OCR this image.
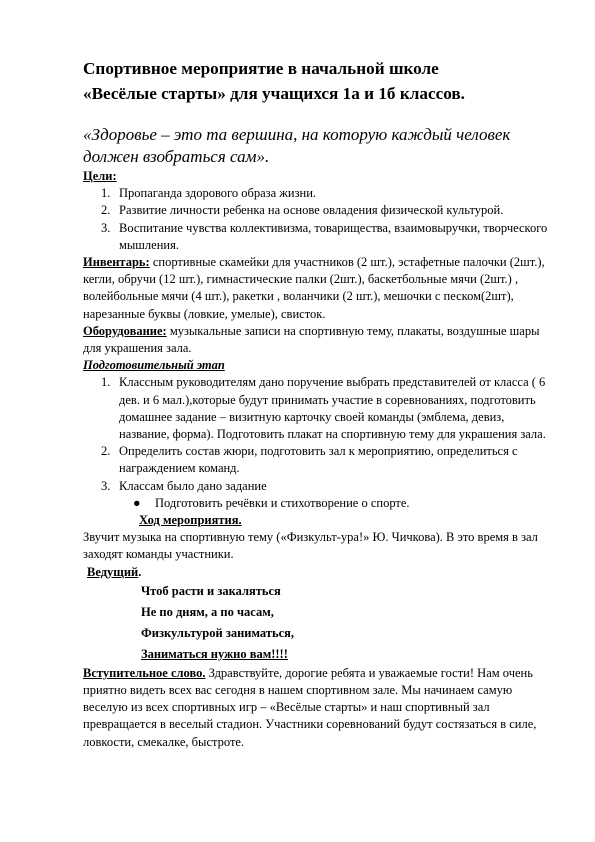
Спортивное мероприятие в начальной школе
«Весёлые старты» для учащихся 1а и 1б классов.
«Здоровье – это та вершина, на которую каждый человек
должен взобраться сам».

Цели:

1. Пропаганда здорового образа жизни.
2. Развитие личности ребенка на основе овладения физической культурой.
3. Воспитание чувства коллективизма, товарищества, взаимовыручки, творческого мышления.

Инвентарь: спортивные скамейки для участников (2 шт.), эстафетные палочки (2шт.), кегли, обручи (12 шт.), гимнастические палки (2шт.), баскетбольные мячи (2шт.) , волейбольные мячи (4 шт.), ракетки , воланчики (2 шт.), мешочки с песком(2шт), нарезанные буквы (ловкие, умелые), свисток.

Оборудование: музыкальные записи на спортивную тему, плакаты, воздушные шары для украшения зала.

Подготовительный этап

1. Классным руководителям дано поручение выбрать представителей от класса ( 6 дев. и 6 мал.),которые будут принимать участие в соревнованиях, подготовить домашнее задание – визитную карточку своей команды (эмблема, девиз, название, форма). Подготовить плакат на спортивную тему для украшения зала.
2. Определить состав жюри, подготовить зал к мероприятию, определиться с награждением команд.
3. Классам было дано задание
● Подготовить речёвки и стихотворение о спорте.

Ход мероприятия.

Звучит музыка на спортивную тему («Физкульт-ура!» Ю. Чичкова). В это время в зал заходят команды участники.

Ведущий.

Чтоб расти и закаляться
Не по дням, а по часам,
Физкультурой заниматься,
Заниматься нужно вам!!!!

Вступительное слово. Здравствуйте, дорогие ребята и уважаемые гости! Нам очень приятно видеть всех вас сегодня в нашем спортивном зале. Мы начинаем самую веселую из всех спортивных игр – «Весёлые старты» и наш спортивный зал превращается в веселый стадион. Участники соревнований будут состязаться в силе, ловкости, смекалке, быстроте.
